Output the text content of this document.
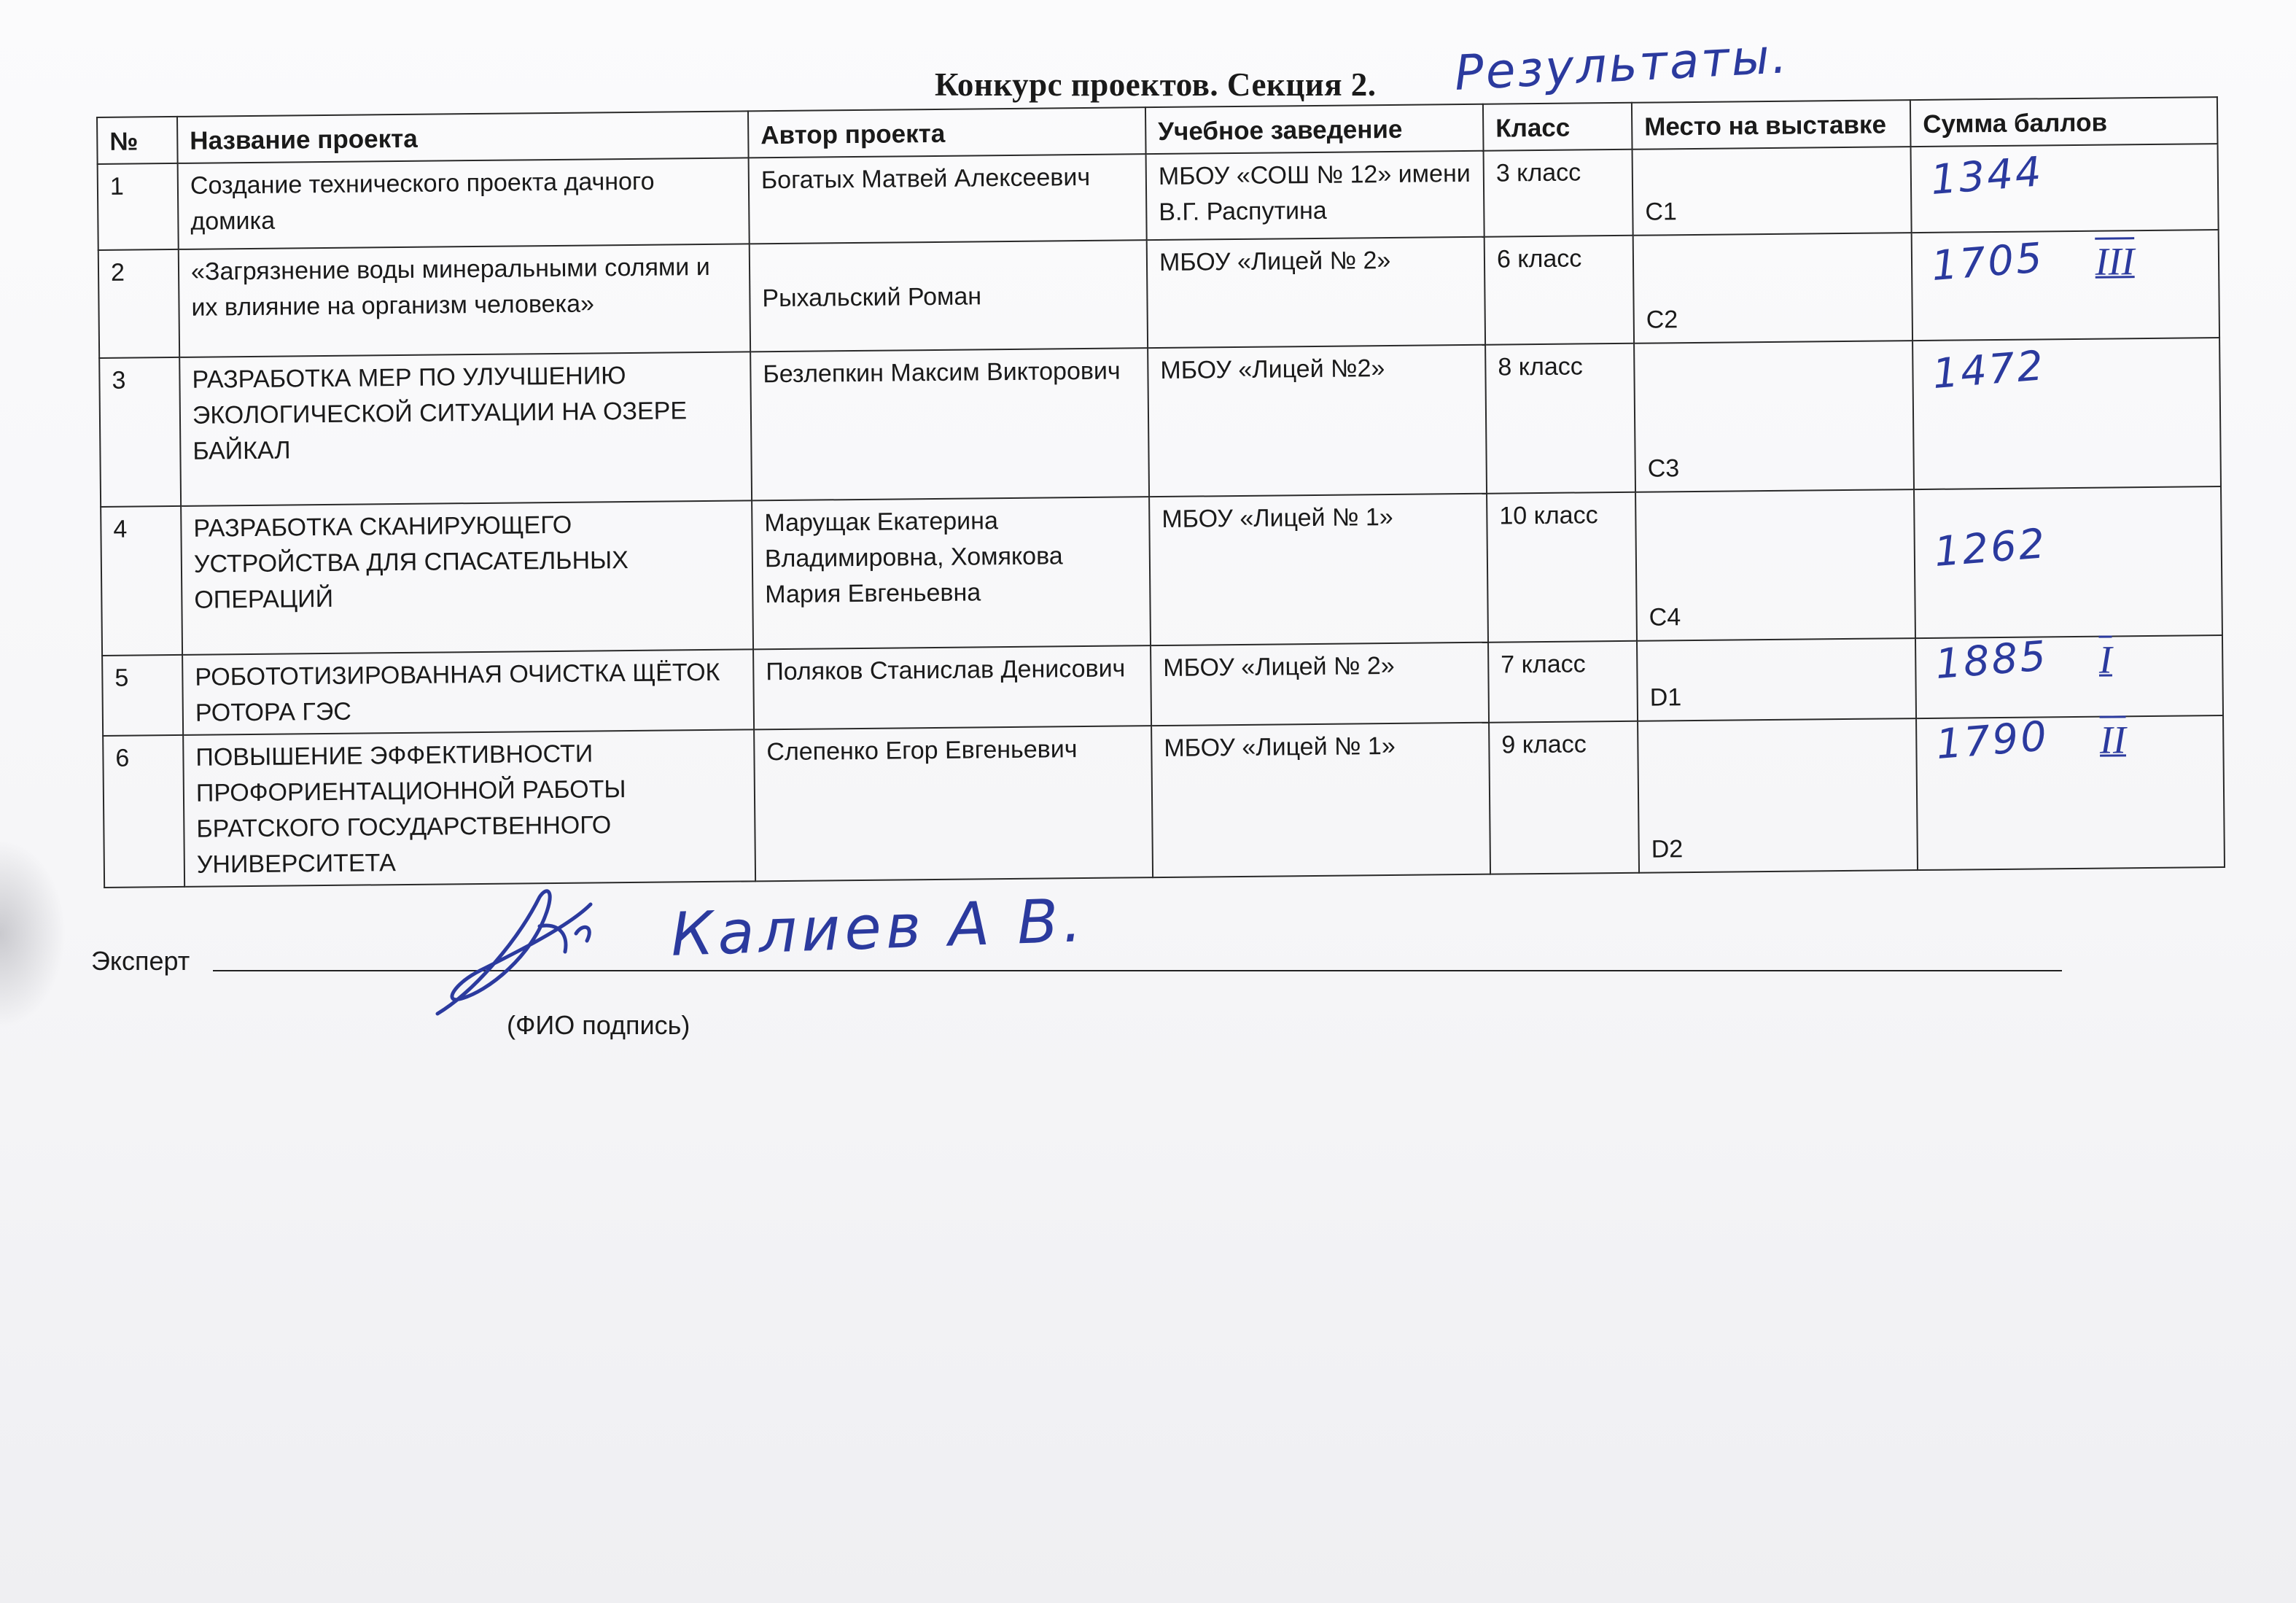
Конкурс проектов. Секция 2. Результаты.
№	Название проекта	Автор проекта	Учебное заведение	Класс	Место на выставке	Сумма баллов
1	Создание технического проекта дачного домика	Богатых Матвей Алексеевич	МБОУ «СОШ № 12» имени В.Г. Распутина	3 класс	C1	1344
2	«Загрязнение воды минеральными солями и их влияние на организм человека»	Рыхальский Роман	МБОУ «Лицей № 2»	6 класс	C2	1705 III
3	РАЗРАБОТКА МЕР ПО УЛУЧШЕНИЮ ЭКОЛОГИЧЕСКОЙ СИТУАЦИИ НА ОЗЕРЕ БАЙКАЛ	Безлепкин Максим Викторович	МБОУ «Лицей №2»	8 класс	C3	1472
4	РАЗРАБОТКА СКАНИРУЮЩЕГО УСТРОЙСТВА ДЛЯ СПАСАТЕЛЬНЫХ ОПЕРАЦИЙ	Марущак Екатерина Владимировна, Хомякова Мария Евгеньевна	МБОУ «Лицей № 1»	10 класс	C4	1262
5	РОБОТОТИЗИРОВАННАЯ ОЧИСТКА ЩЁТОК РОТОРА ГЭС	Поляков Станислав Денисович	МБОУ «Лицей № 2»	7 класс	D1	1885 I
6	ПОВЫШЕНИЕ ЭФФЕКТИВНОСТИ ПРОФОРИЕНТАЦИОННОЙ РАБОТЫ БРАТСКОГО ГОСУДАРСТВЕННОГО УНИВЕРСИТЕТА	Слепенко Егор Евгеньевич	МБОУ «Лицей № 1»	9 класс	D2	1790 II
Эксперт	Калиев А В.
(ФИО подпись)
